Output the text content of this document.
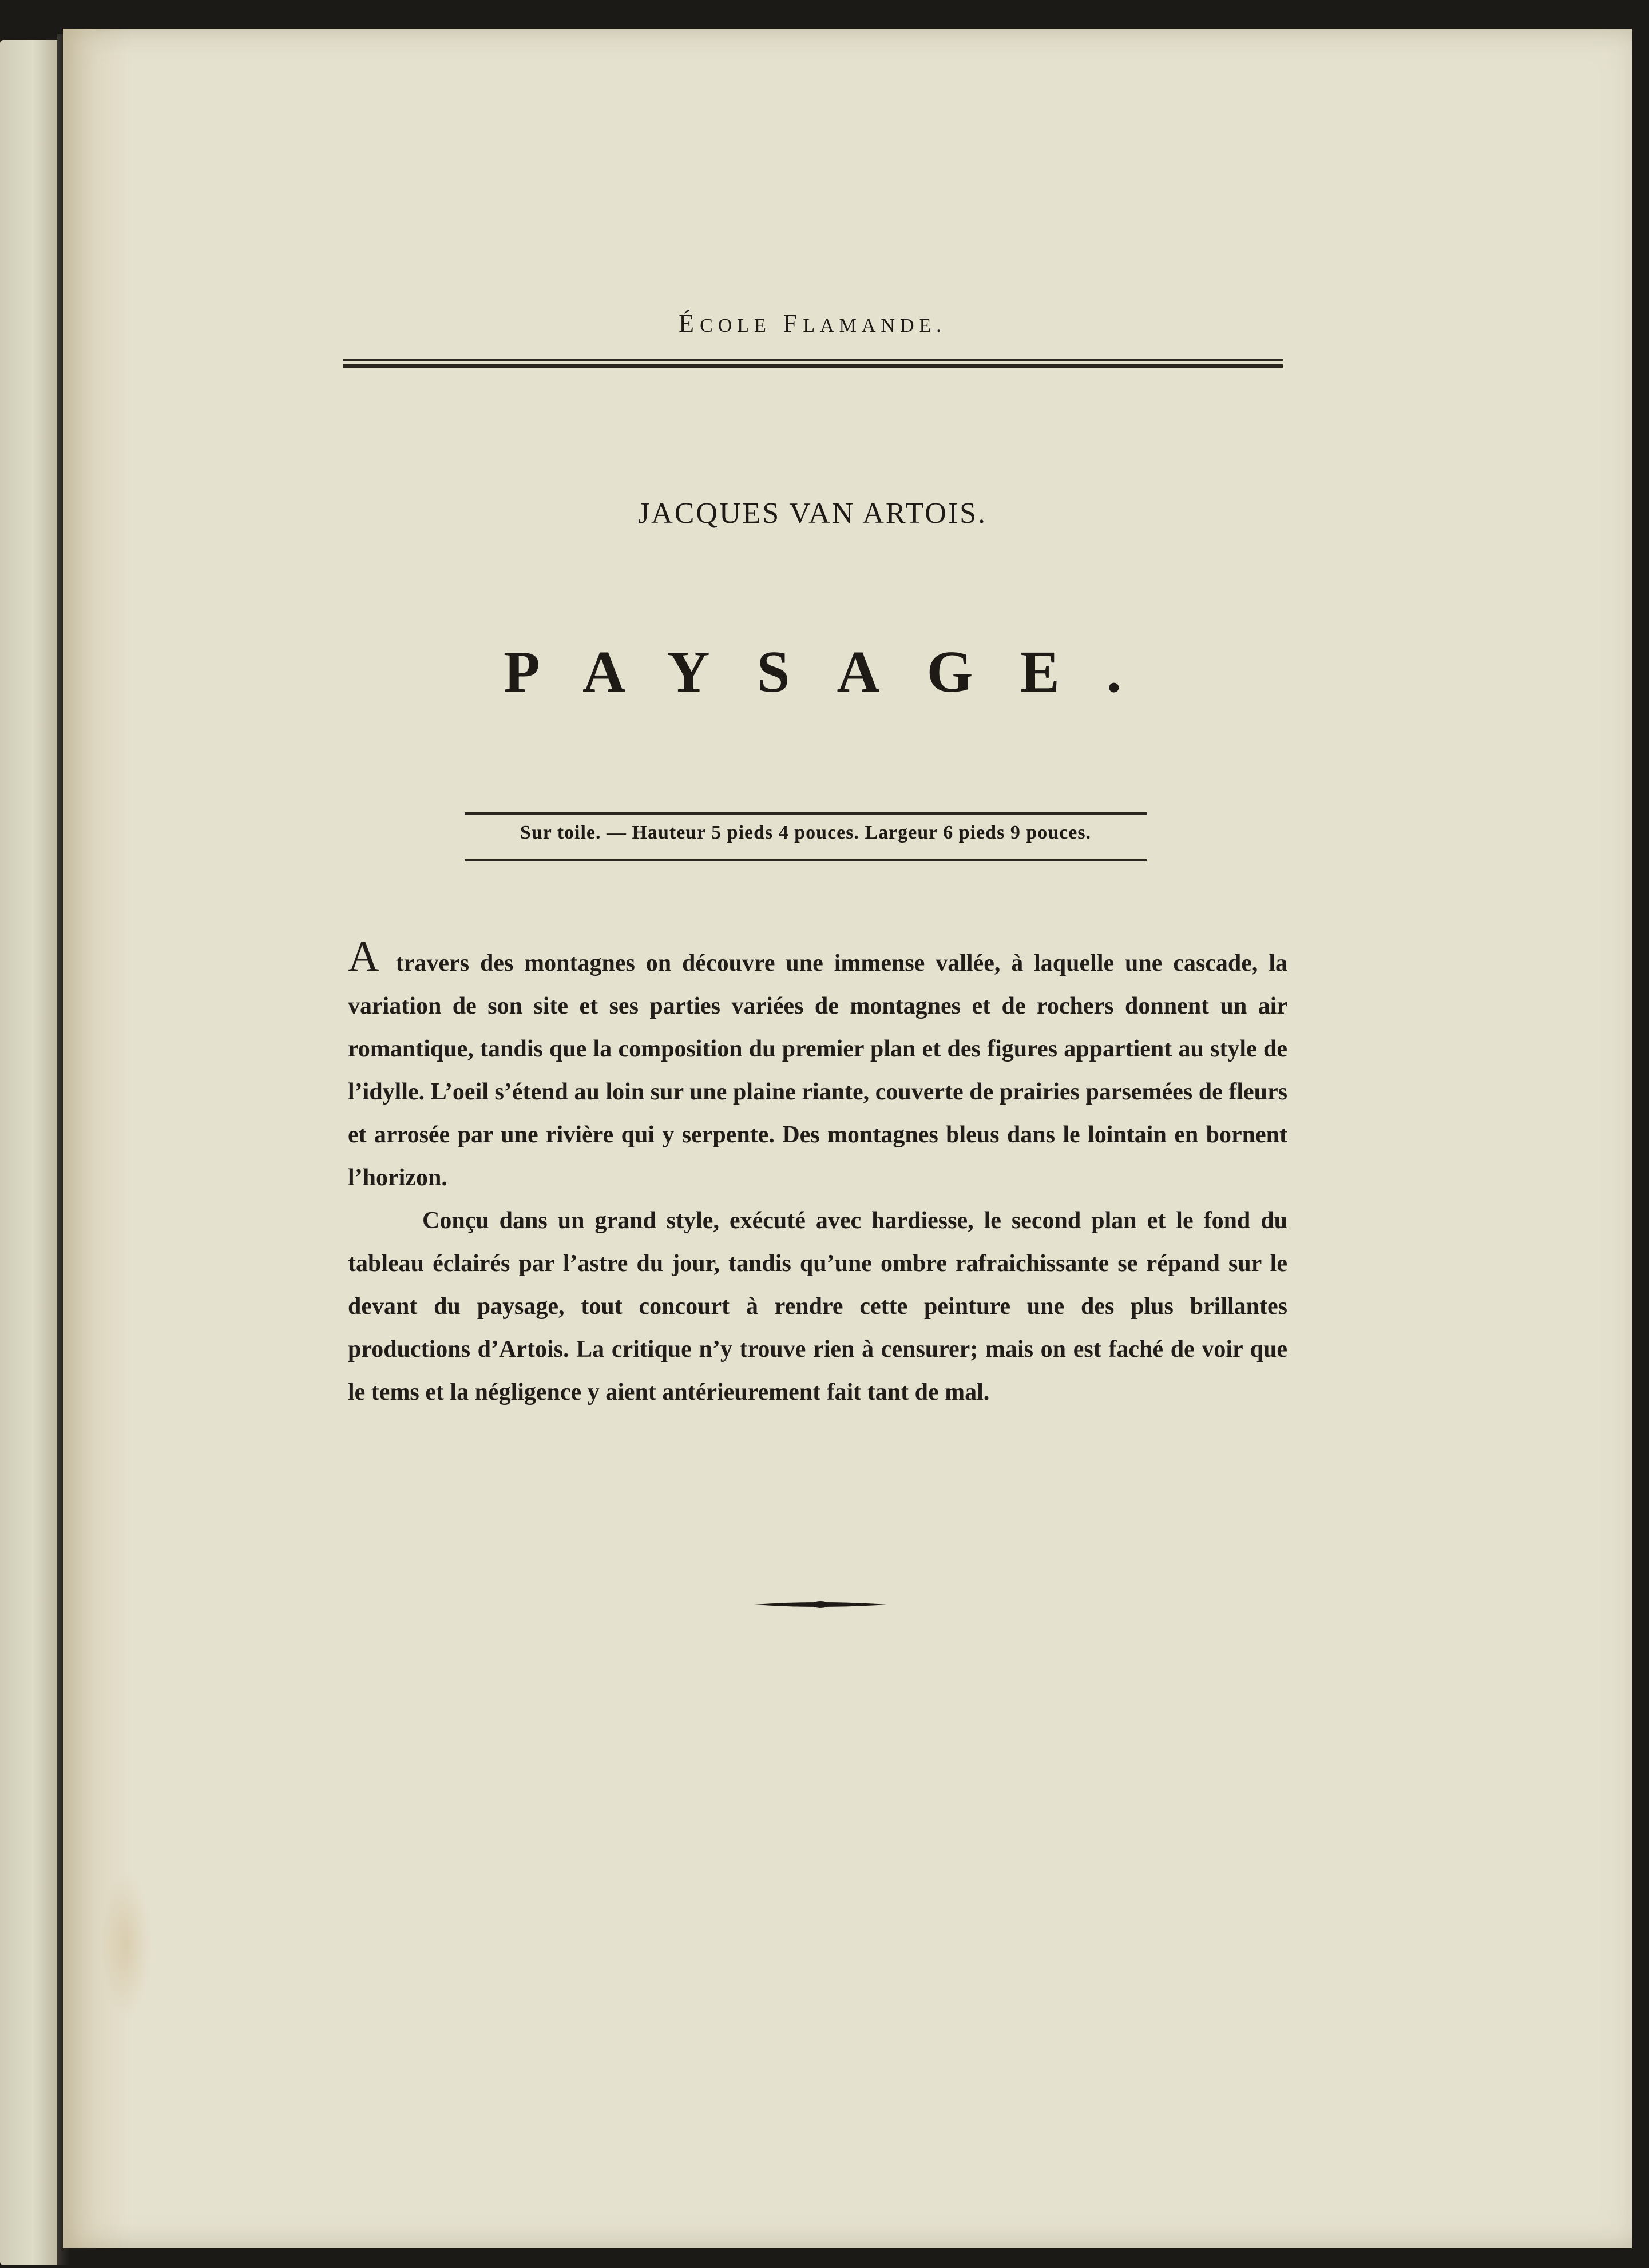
ÉCOLE FLAMANDE.
JACQUES VAN ARTOIS.
PAYSAGE.
Sur toile. — Hauteur 5 pieds 4 pouces. Largeur 6 pieds 9 pouces.

A travers des montagnes on découvre une immense vallée, à laquelle une cascade, la variation de son site et ses parties variées de montagnes et de rochers donnent un air romantique, tandis que la composition du premier plan et des figures appartient au style de l’idylle. L’oeil s’étend au loin sur une plaine riante, couverte de prairies parsemées de fleurs et arrosée par une rivière qui y serpente. Des montagnes bleus dans le lointain en bornent l’horizon.

Conçu dans un grand style, exécuté avec hardiesse, le second plan et le fond du tableau éclairés par l’astre du jour, tandis qu’une ombre rafraichissante se répand sur le devant du paysage, tout concourt à rendre cette peinture une des plus brillantes productions d’Artois. La critique n’y trouve rien à censurer; mais on est faché de voir que le tems et la négligence y aient antérieurement fait tant de mal.
